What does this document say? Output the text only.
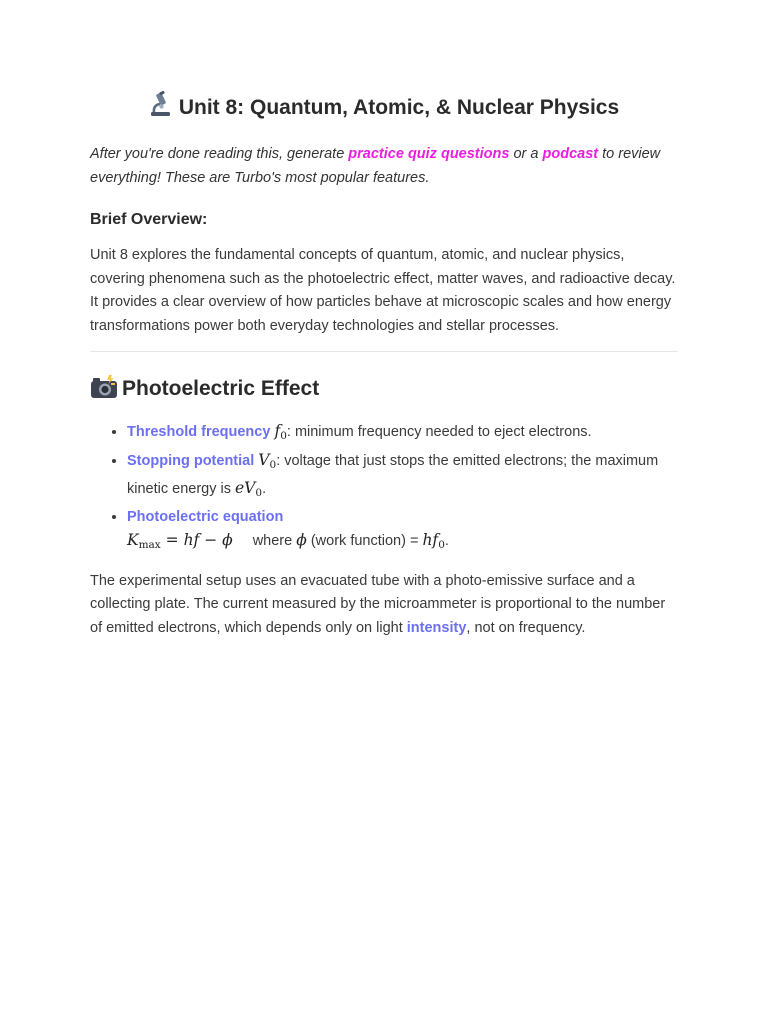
Unit 8: Quantum, Atomic, & Nuclear Physics

After you're done reading this, generate practice quiz questions or a podcast to review everything! These are Turbo's most popular features.

Brief Overview:

Unit 8 explores the fundamental concepts of quantum, atomic, and nuclear physics, covering phenomena such as the photoelectric effect, matter waves, and radioactive decay. It provides a clear overview of how particles behave at microscopic scales and how energy transformations power both everyday technologies and stellar processes.

Photoelectric Effect
• Threshold frequency $f_0$: minimum frequency needed to eject electrons.
• Stopping potential $V_0$: voltage that just stops the emitted electrons; the maximum kinetic energy is $eV_0$.
• Photoelectric equation
$K_{max}$ = hf − ϕ where ϕ (work function) = $hf_0$.

The experimental setup uses an evacuated tube with a photo-emissive surface and a collecting plate. The current measured by the microammeter is proportional to the number of emitted electrons, which depends only on light intensity, not on frequency.
